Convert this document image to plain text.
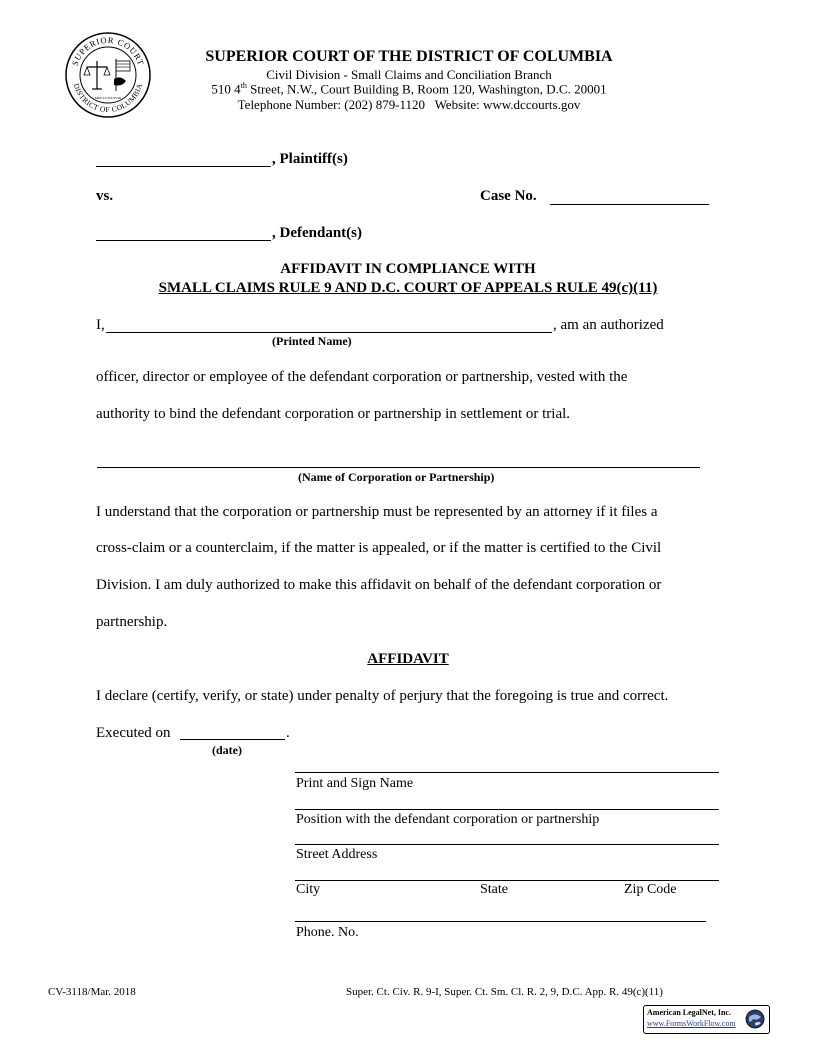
SUPERIOR COURT
DISTRICT OF COLUMBIA
MDCCCXXXVIII
SUPERIOR COURT OF THE DISTRICT OF COLUMBIA
Civil Division - Small Claims and Conciliation Branch
510 4th Street, N.W., Court Building B, Room 120, Washington, D.C. 20001
Telephone Number: (202) 879-1120   Website: www.dccourts.gov
, Plaintiff(s)
vs.	Case No.
, Defendant(s)
AFFIDAVIT IN COMPLIANCE WITH
SMALL CLAIMS RULE 9 AND D.C. COURT OF APPEALS RULE 49(c)(11)
I,	, am an authorized
(Printed Name)
officer, director or employee of the defendant corporation or partnership, vested with the
authority to bind the defendant corporation or partnership in settlement or trial.
(Name of Corporation or Partnership)
I understand that the corporation or partnership must be represented by an attorney if it files a
cross-claim or a counterclaim, if the matter is appealed, or if the matter is certified to the Civil
Division. I am duly authorized to make this affidavit on behalf of the defendant corporation or
partnership.
AFFIDAVIT
I declare (certify, verify, or state) under penalty of perjury that the foregoing is true and correct.
Executed on	.
(date)
Print and Sign Name
Position with the defendant corporation or partnership
Street Address
City	State	Zip Code
Phone. No.
CV-3118/Mar. 2018	Super. Ct. Civ. R. 9-I, Super. Ct. Sm. Cl. R. 2, 9, D.C. App. R. 49(c)(11)
American LegalNet, Inc.
www.FormsWorkFlow.com
